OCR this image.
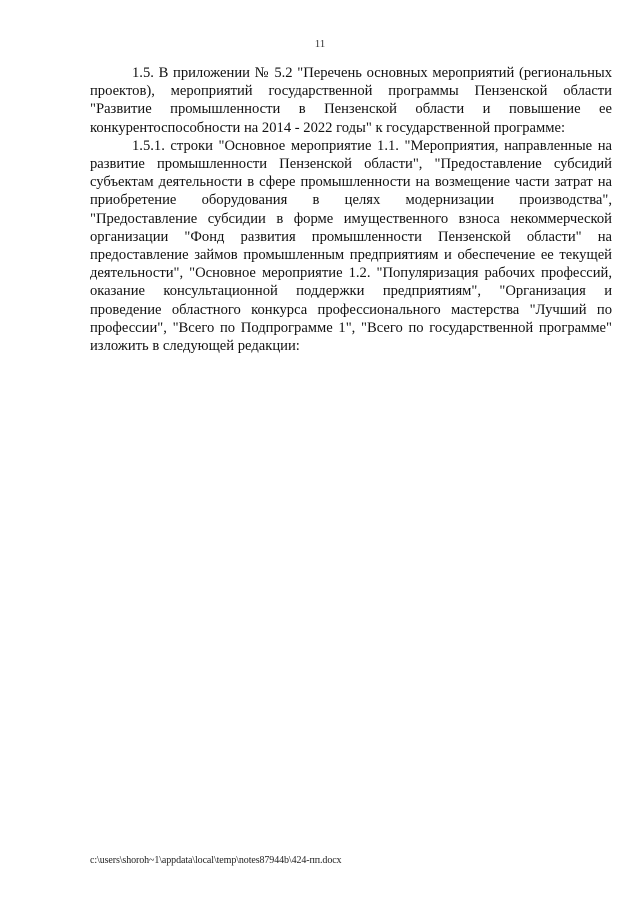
11

1.5. В приложении № 5.2 "Перечень основных мероприятий (региональных проектов), мероприятий государственной программы Пензенской области "Развитие промышленности в Пензенской области и повышение ее конкурентоспособности на 2014 - 2022 годы" к государственной программе:

1.5.1. строки "Основное мероприятие 1.1. "Мероприятия, направленные на развитие промышленности Пензенской области", "Предоставление субсидий субъектам деятельности в сфере промышленности на возмещение части затрат на приобретение оборудования в целях модернизации производства", "Предоставление субсидии в форме имущественного взноса некоммерческой организации "Фонд развития промышленности Пензенской области" на предоставление займов промышленным предприятиям и обеспечение ее текущей деятельности", "Основное мероприятие 1.2. "Популяризация рабочих профессий, оказание консультационной поддержки предприятиям", "Организация и проведение областного конкурса профессионального мастерства "Лучший по профессии", "Всего по Подпрограмме 1", "Всего по государственной программе" изложить в следующей редакции:

c:\users\shoroh~1\appdata\local\temp\notes87944b\424-пп.docx
